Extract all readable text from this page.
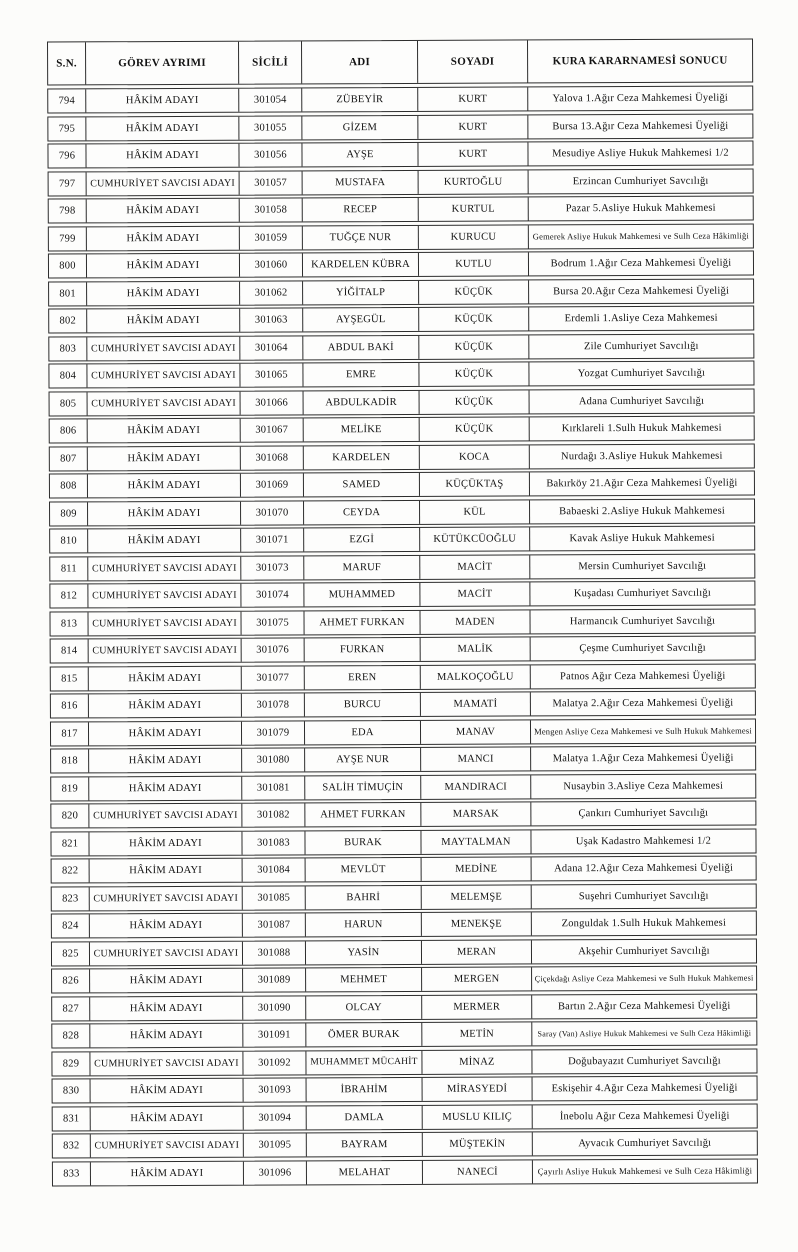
S.N.	GÖREV AYRIMI	SİCİLİ	ADI	SOYADI	KURA KARARNAMESİ SONUCU
794	HÂKİM ADAYI	301054	ZÜBEYİR	KURT	Yalova 1.Ağır Ceza Mahkemesi Üyeliği
795	HÂKİM ADAYI	301055	GİZEM	KURT	Bursa 13.Ağır Ceza Mahkemesi Üyeliği
796	HÂKİM ADAYI	301056	AYŞE	KURT	Mesudiye Asliye Hukuk Mahkemesi 1/2
797	CUMHURİYET SAVCISI ADAYI	301057	MUSTAFA	KURTOĞLU	Erzincan Cumhuriyet Savcılığı
798	HÂKİM ADAYI	301058	RECEP	KURTUL	Pazar 5.Asliye Hukuk Mahkemesi
799	HÂKİM ADAYI	301059	TUĞÇE NUR	KURUCU	Gemerek Asliye Hukuk Mahkemesi ve Sulh Ceza Hâkimliği
800	HÂKİM ADAYI	301060	KARDELEN KÜBRA	KUTLU	Bodrum 1.Ağır Ceza Mahkemesi Üyeliği
801	HÂKİM ADAYI	301062	YİĞİTALP	KÜÇÜK	Bursa 20.Ağır Ceza Mahkemesi Üyeliği
802	HÂKİM ADAYI	301063	AYŞEGÜL	KÜÇÜK	Erdemli 1.Asliye Ceza Mahkemesi
803	CUMHURİYET SAVCISI ADAYI	301064	ABDUL BAKİ	KÜÇÜK	Zile Cumhuriyet Savcılığı
804	CUMHURİYET SAVCISI ADAYI	301065	EMRE	KÜÇÜK	Yozgat Cumhuriyet Savcılığı
805	CUMHURİYET SAVCISI ADAYI	301066	ABDULKADİR	KÜÇÜK	Adana Cumhuriyet Savcılığı
806	HÂKİM ADAYI	301067	MELİKE	KÜÇÜK	Kırklareli 1.Sulh Hukuk Mahkemesi
807	HÂKİM ADAYI	301068	KARDELEN	KOCA	Nurdağı 3.Asliye Hukuk Mahkemesi
808	HÂKİM ADAYI	301069	SAMED	KÜÇÜKTAŞ	Bakırköy 21.Ağır Ceza Mahkemesi Üyeliği
809	HÂKİM ADAYI	301070	CEYDA	KÜL	Babaeski 2.Asliye Hukuk Mahkemesi
810	HÂKİM ADAYI	301071	EZGİ	KÜTÜKCÜOĞLU	Kavak Asliye Hukuk Mahkemesi
811	CUMHURİYET SAVCISI ADAYI	301073	MARUF	MACİT	Mersin Cumhuriyet Savcılığı
812	CUMHURİYET SAVCISI ADAYI	301074	MUHAMMED	MACİT	Kuşadası Cumhuriyet Savcılığı
813	CUMHURİYET SAVCISI ADAYI	301075	AHMET FURKAN	MADEN	Harmancık Cumhuriyet Savcılığı
814	CUMHURİYET SAVCISI ADAYI	301076	FURKAN	MALİK	Çeşme Cumhuriyet Savcılığı
815	HÂKİM ADAYI	301077	EREN	MALKOÇOĞLU	Patnos Ağır Ceza Mahkemesi Üyeliği
816	HÂKİM ADAYI	301078	BURCU	MAMATİ	Malatya 2.Ağır Ceza Mahkemesi Üyeliği
817	HÂKİM ADAYI	301079	EDA	MANAV	Mengen Asliye Ceza Mahkemesi ve Sulh Hukuk Mahkemesi
818	HÂKİM ADAYI	301080	AYŞE NUR	MANCI	Malatya 1.Ağır Ceza Mahkemesi Üyeliği
819	HÂKİM ADAYI	301081	SALİH TİMUÇİN	MANDIRACI	Nusaybin 3.Asliye Ceza Mahkemesi
820	CUMHURİYET SAVCISI ADAYI	301082	AHMET FURKAN	MARSAK	Çankırı Cumhuriyet Savcılığı
821	HÂKİM ADAYI	301083	BURAK	MAYTALMAN	Uşak Kadastro Mahkemesi 1/2
822	HÂKİM ADAYI	301084	MEVLÜT	MEDİNE	Adana 12.Ağır Ceza Mahkemesi Üyeliği
823	CUMHURİYET SAVCISI ADAYI	301085	BAHRİ	MELEMŞE	Suşehri Cumhuriyet Savcılığı
824	HÂKİM ADAYI	301087	HARUN	MENEKŞE	Zonguldak 1.Sulh Hukuk Mahkemesi
825	CUMHURİYET SAVCISI ADAYI	301088	YASİN	MERAN	Akşehir Cumhuriyet Savcılığı
826	HÂKİM ADAYI	301089	MEHMET	MERGEN	Çiçekdağı Asliye Ceza Mahkemesi ve Sulh Hukuk Mahkemesi
827	HÂKİM ADAYI	301090	OLCAY	MERMER	Bartın 2.Ağır Ceza Mahkemesi Üyeliği
828	HÂKİM ADAYI	301091	ÖMER BURAK	METİN	Saray (Van) Asliye Hukuk Mahkemesi ve Sulh Ceza Hâkimliği
829	CUMHURİYET SAVCISI ADAYI	301092	MUHAMMET MÜCAHİT	MİNAZ	Doğubayazıt Cumhuriyet Savcılığı
830	HÂKİM ADAYI	301093	İBRAHİM	MİRASYEDİ	Eskişehir 4.Ağır Ceza Mahkemesi Üyeliği
831	HÂKİM ADAYI	301094	DAMLA	MUSLU KILIÇ	İnebolu Ağır Ceza Mahkemesi Üyeliği
832	CUMHURİYET SAVCISI ADAYI	301095	BAYRAM	MÜŞTEKİN	Ayvacık Cumhuriyet Savcılığı
833	HÂKİM ADAYI	301096	MELAHAT	NANECİ	Çayırlı Asliye Hukuk Mahkemesi ve Sulh Ceza Hâkimliği
